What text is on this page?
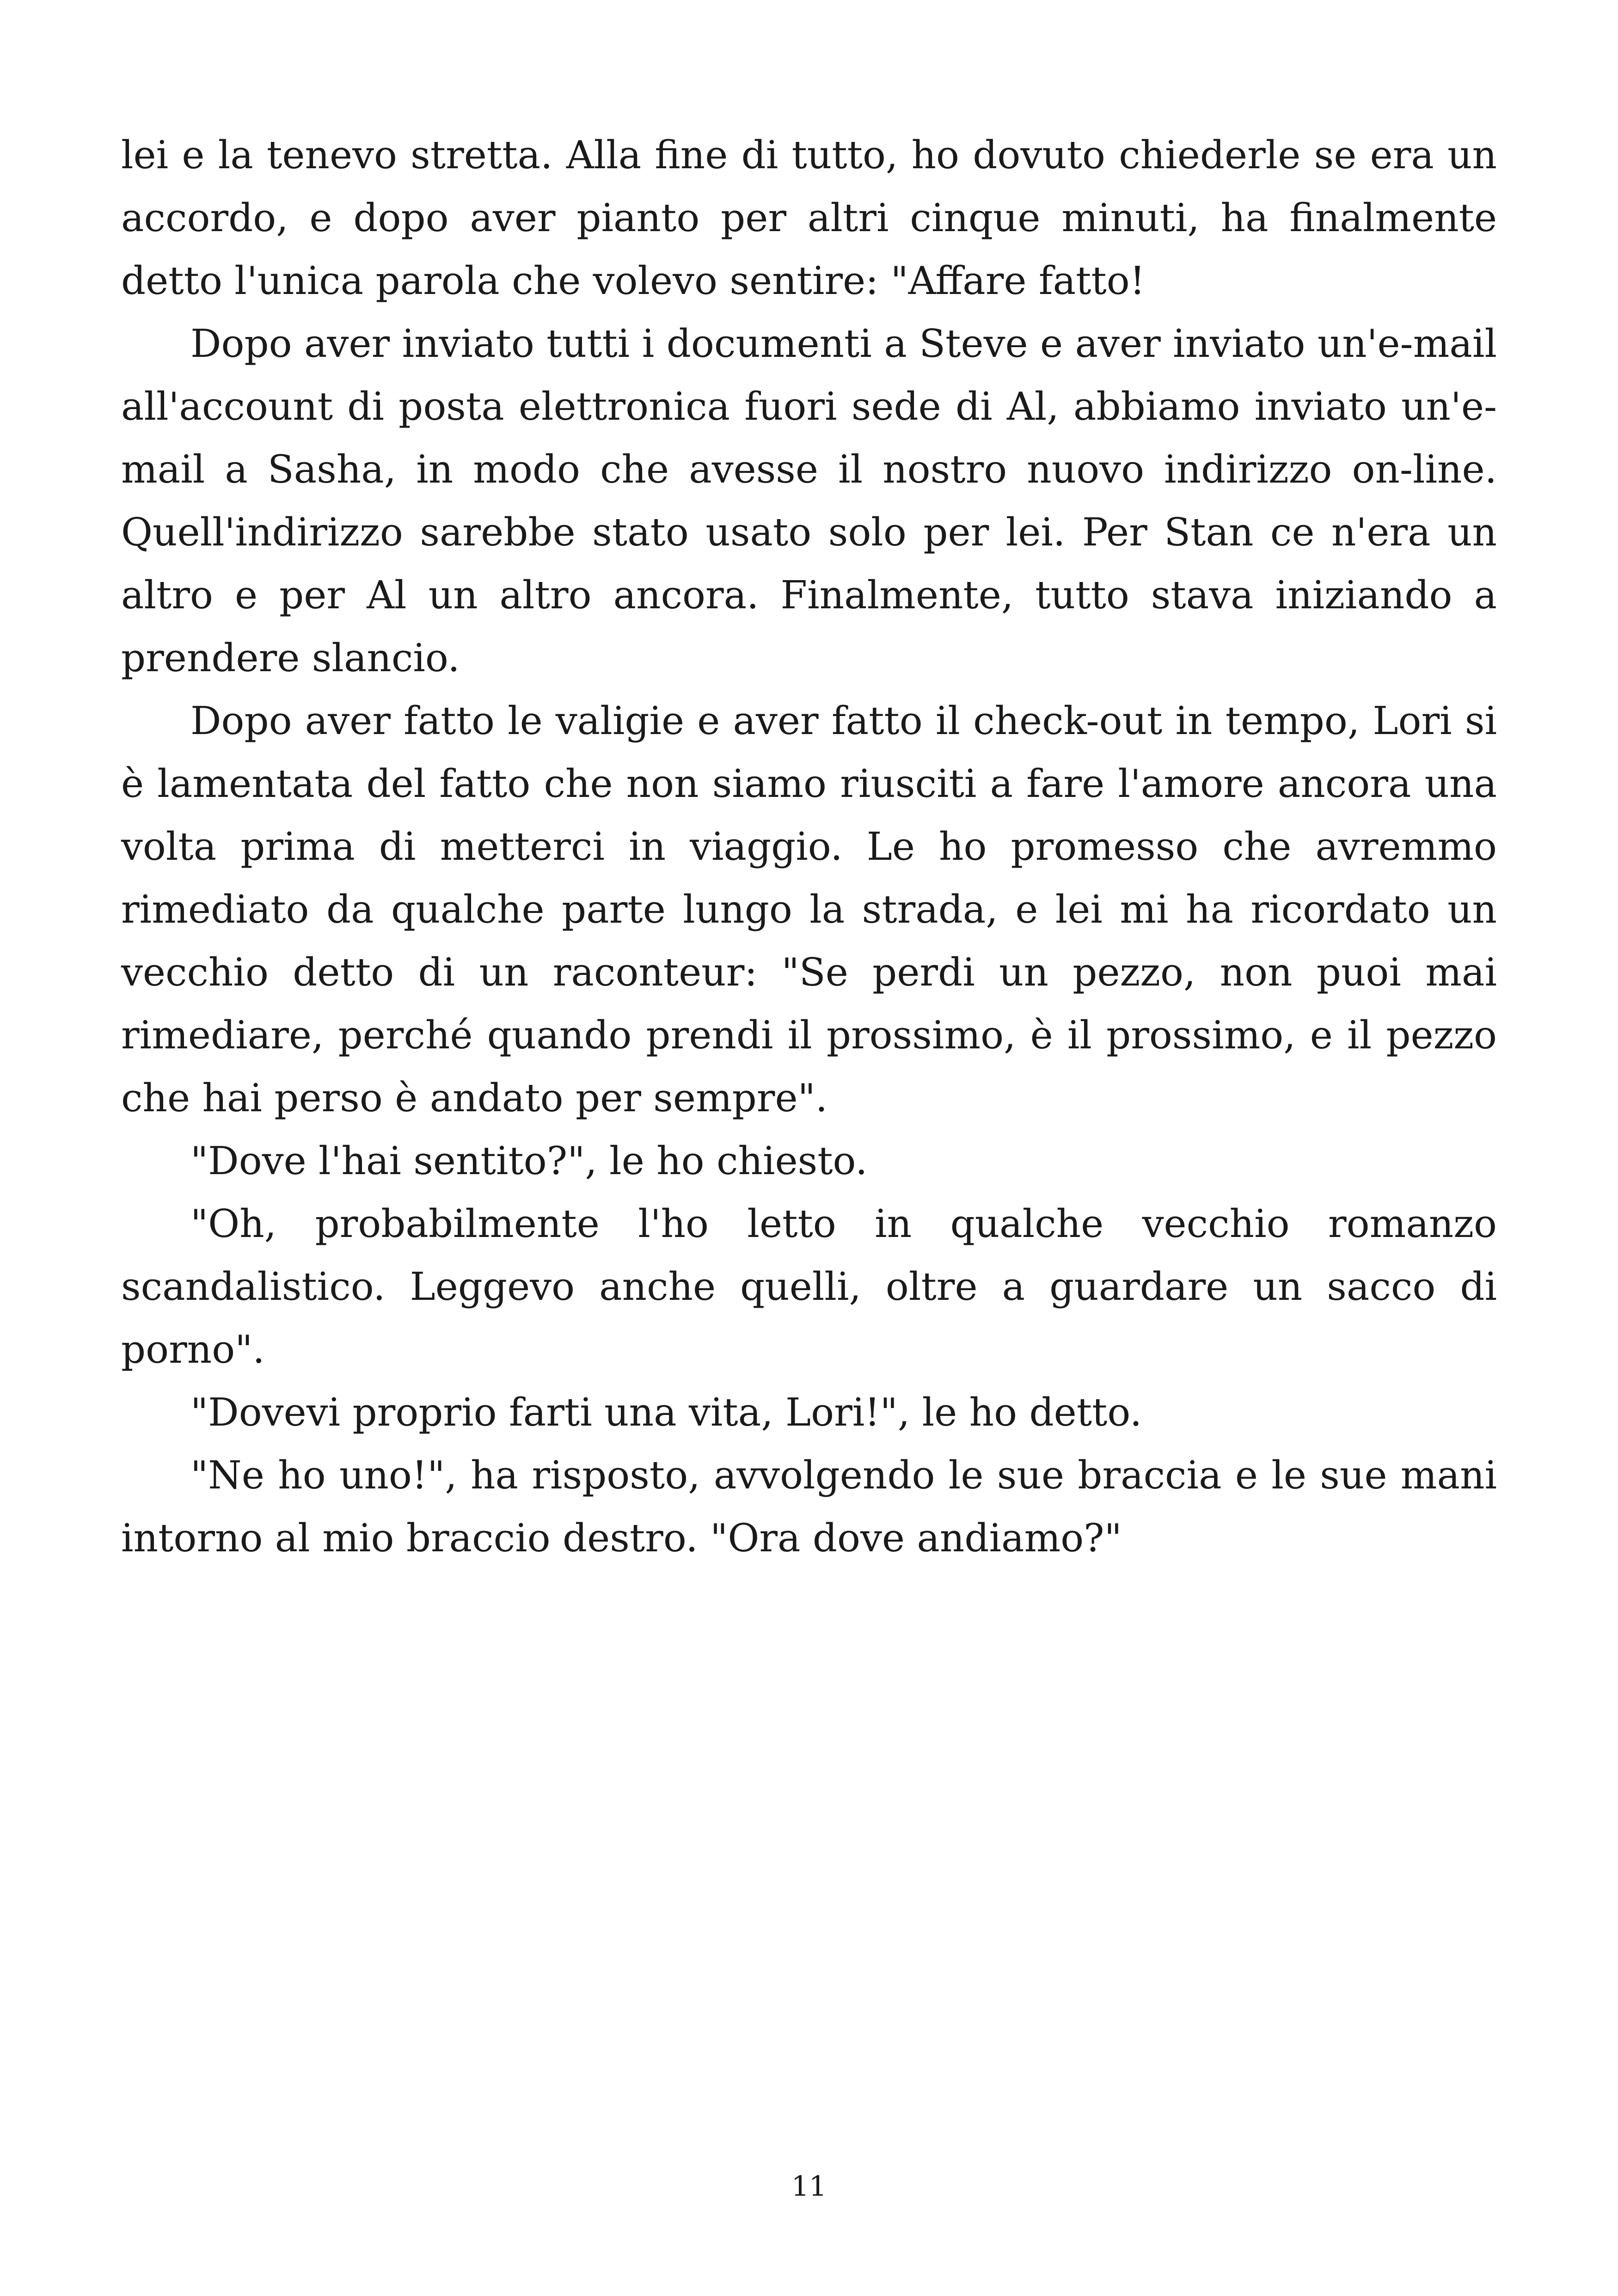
lei e la tenevo stretta. Alla fine di tutto, ho dovuto chiederle se era un accordo, e dopo aver pianto per altri cinque minuti, ha finalmente detto l'unica parola che volevo sentire: "Affare fatto!

Dopo aver inviato tutti i documenti a Steve e aver inviato un'e-mail all'account di posta elettronica fuori sede di Al, abbiamo inviato un'e-mail a Sasha, in modo che avesse il nostro nuovo indirizzo on-line. Quell'indirizzo sarebbe stato usato solo per lei. Per Stan ce n'era un altro e per Al un altro ancora. Finalmente, tutto stava iniziando a prendere slancio.

Dopo aver fatto le valigie e aver fatto il check-out in tempo, Lori si è lamentata del fatto che non siamo riusciti a fare l'amore ancora una volta prima di metterci in viaggio. Le ho promesso che avremmo rimediato da qualche parte lungo la strada, e lei mi ha ricordato un vecchio detto di un raconteur: "Se perdi un pezzo, non puoi mai rimediare, perché quando prendi il prossimo, è il prossimo, e il pezzo che hai perso è andato per sempre".

"Dove l'hai sentito?", le ho chiesto.

"Oh, probabilmente l'ho letto in qualche vecchio romanzo scandalistico. Leggevo anche quelli, oltre a guardare un sacco di porno".

"Dovevi proprio farti una vita, Lori!", le ho detto.

"Ne ho uno!", ha risposto, avvolgendo le sue braccia e le sue mani intorno al mio braccio destro. "Ora dove andiamo?"

11
